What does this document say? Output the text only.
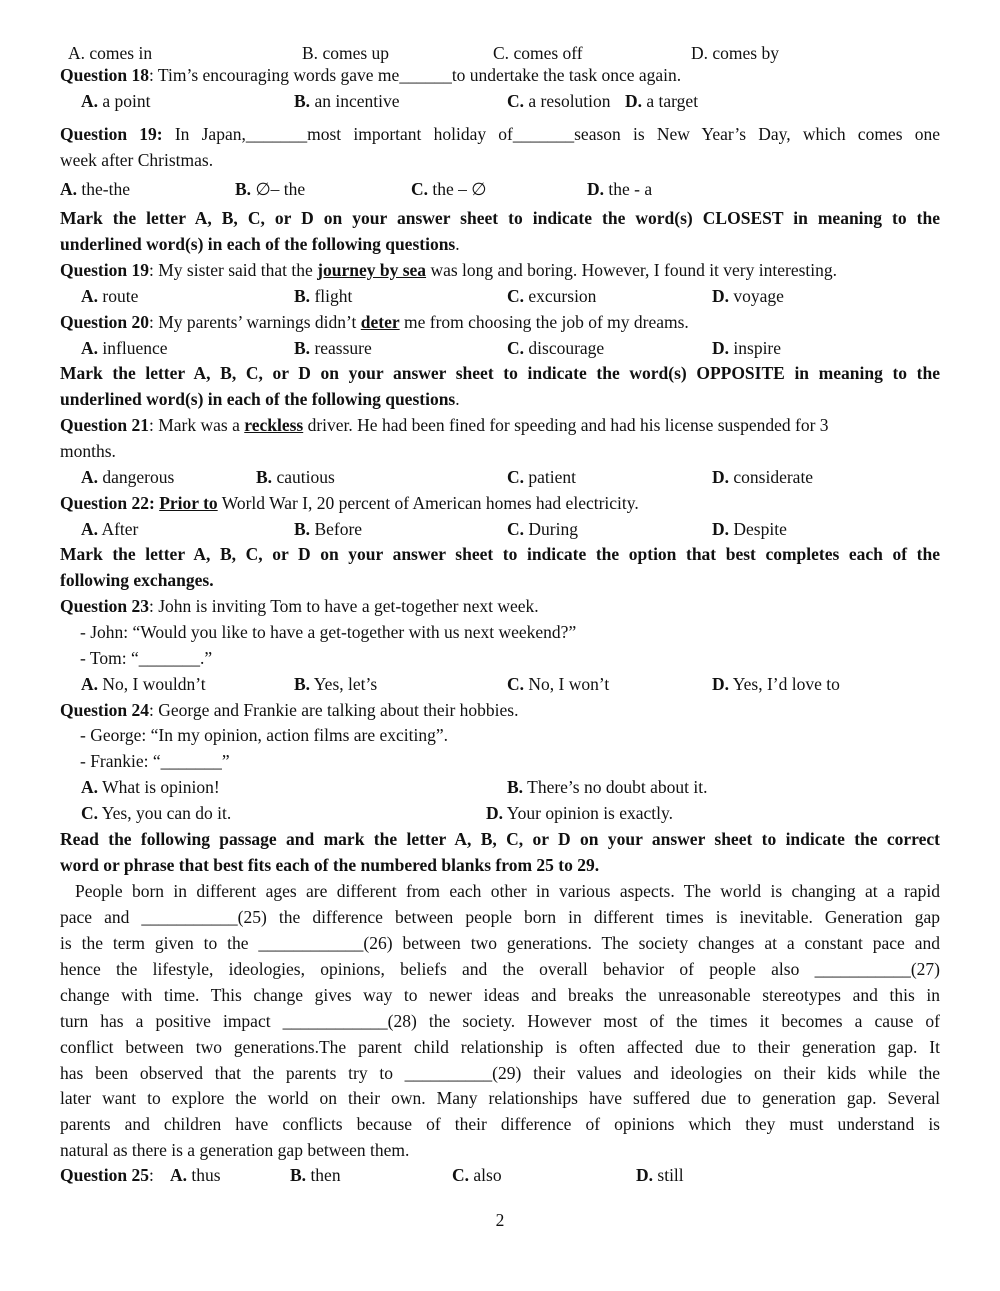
A. comes in	B. comes up	C. comes off	D. comes by
Question 18: Tim’s encouraging words gave me______to undertake the task once again.
A. a point	B. an incentive	C. a resolution D. a target
Question 19: In Japan,_______most important holiday of_______season is New Year’s Day, which comes one
week after Christmas.
A. the-the	B. ∅– the	C. the – ∅	D. the - a
Mark the letter A, B, C, or D on your answer sheet to indicate the word(s) CLOSEST in meaning to the
underlined word(s) in each of the following questions.
Question 19: My sister said that the journey by sea was long and boring. However, I found it very interesting.
A. route	B. flight	C. excursion	D. voyage
Question 20: My parents’ warnings didn’t deter me from choosing the job of my dreams.
A. influence	B. reassure	C. discourage	D. inspire
Mark the letter A, B, C, or D on your answer sheet to indicate the word(s) OPPOSITE in meaning to the
underlined word(s) in each of the following questions.
Question 21: Mark was a reckless driver. He had been fined for speeding and had his license suspended for 3
months.
A. dangerous	B. cautious	C. patient	D. considerate
Question 22: Prior to World War I, 20 percent of American homes had electricity.
A. After	B. Before	C. During	D. Despite
Mark the letter A, B, C, or D on your answer sheet to indicate the option that best completes each of the
following exchanges.
Question 23: John is inviting Tom to have a get-together next week.
- John: “Would you like to have a get-together with us next weekend?”
- Tom: “_______.”
A. No, I wouldn’t	B. Yes, let’s	C. No, I won’t	D. Yes, I’d love to
Question 24: George and Frankie are talking about their hobbies.
- George: “In my opinion, action films are exciting”.
- Frankie: “_______”
A. What is opinion!	B. There’s no doubt about it.
C. Yes, you can do it.	D. Your opinion is exactly.
Read the following passage and mark the letter A, B, C, or D on your answer sheet to indicate the correct
word or phrase that best fits each of the numbered blanks from 25 to 29.
People born in different ages are different from each other in various aspects. The world is changing at a rapid
pace and ___________(25) the difference between people born in different times is inevitable. Generation gap
is the term given to the ____________(26) between two generations. The society changes at a constant pace and
hence the lifestyle, ideologies, opinions, beliefs and the overall behavior of people also ___________(27)
change with time. This change gives way to newer ideas and breaks the unreasonable stereotypes and this in
turn has a positive impact ____________(28) the society. However most of the times it becomes a cause of
conflict between two generations.The parent child relationship is often affected due to their generation gap. It
has been observed that the parents try to __________(29) their values and ideologies on their kids while the
later want to explore the world on their own. Many relationships have suffered due to generation gap. Several
parents and children have conflicts because of their difference of opinions which they must understand is
natural as there is a generation gap between them.
Question 25: A. thus	B. then	C. also	D. still
2
